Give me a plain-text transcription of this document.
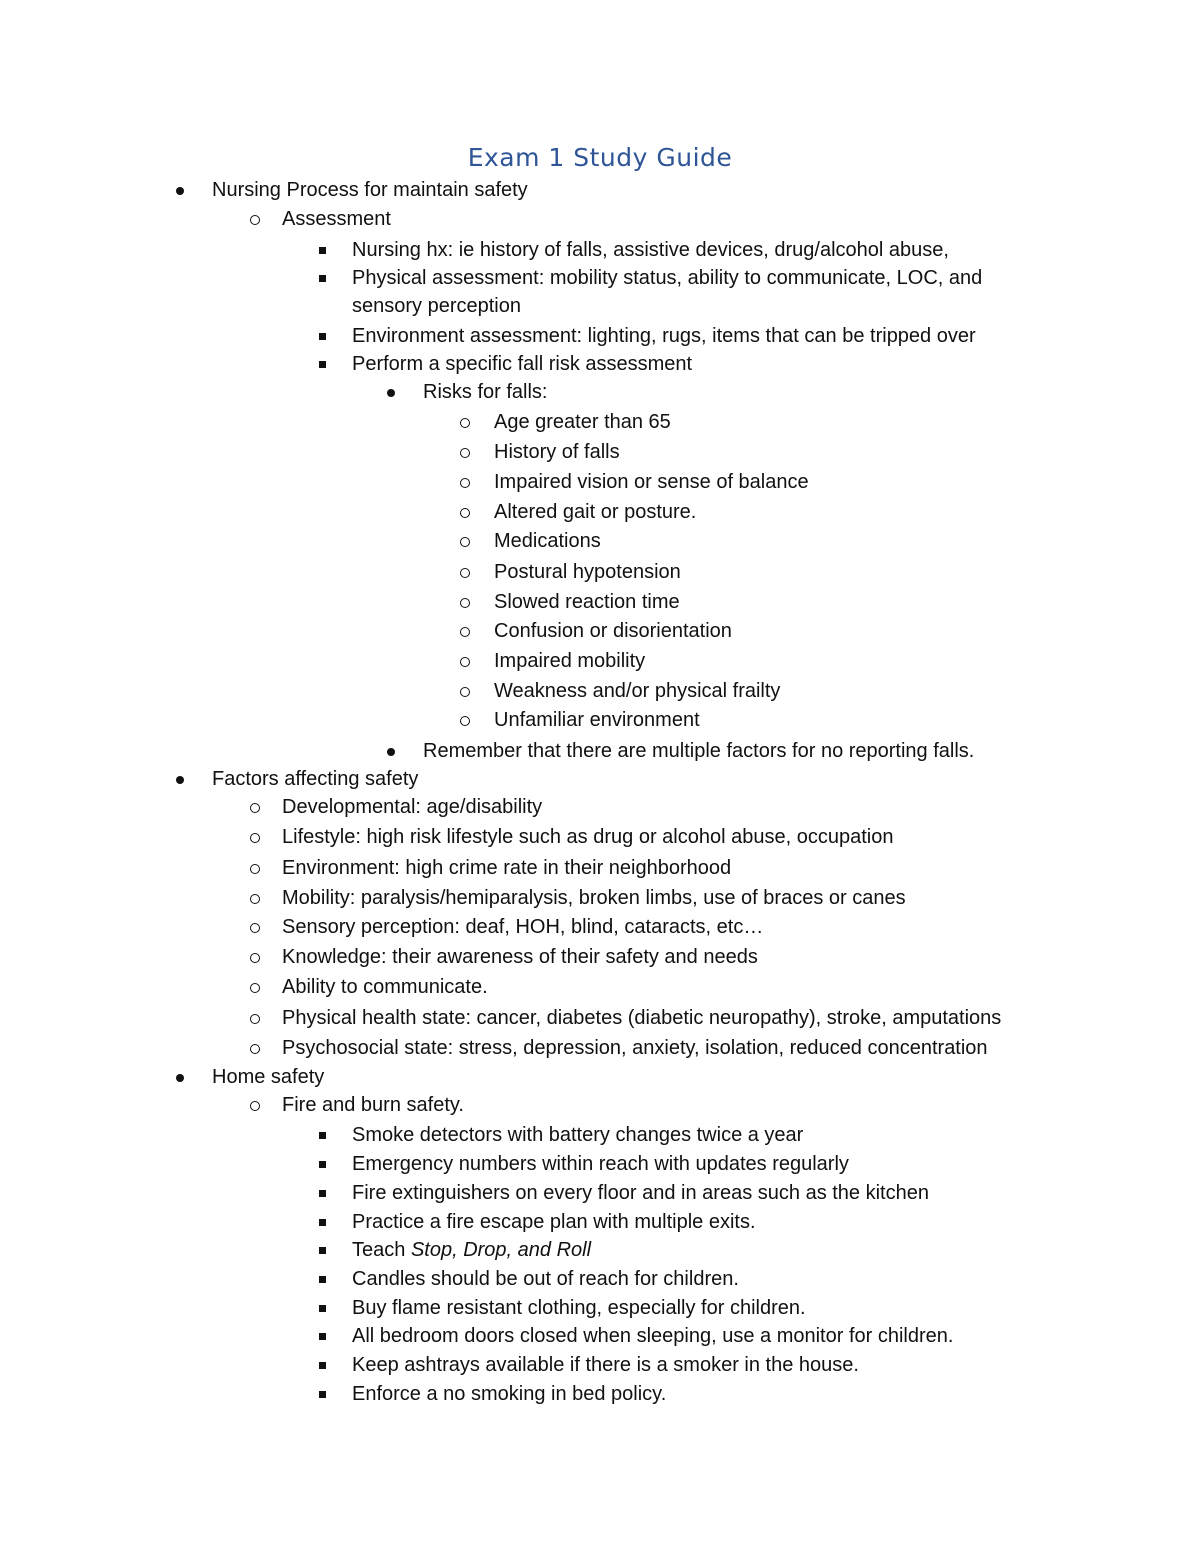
Exam 1 Study Guide
Nursing Process for maintain safety
Assessment
Nursing hx: ie history of falls, assistive devices, drug/alcohol abuse,
Physical assessment: mobility status, ability to communicate, LOC, and
sensory perception
Environment assessment: lighting, rugs, items that can be tripped over
Perform a specific fall risk assessment
Risks for falls:
Age greater than 65
History of falls
Impaired vision or sense of balance
Altered gait or posture.
Medications
Postural hypotension
Slowed reaction time
Confusion or disorientation
Impaired mobility
Weakness and/or physical frailty
Unfamiliar environment
Remember that there are multiple factors for no reporting falls.
Factors affecting safety
Developmental: age/disability
Lifestyle: high risk lifestyle such as drug or alcohol abuse, occupation
Environment: high crime rate in their neighborhood
Mobility: paralysis/hemiparalysis, broken limbs, use of braces or canes
Sensory perception: deaf, HOH, blind, cataracts, etc…
Knowledge: their awareness of their safety and needs
Ability to communicate.
Physical health state: cancer, diabetes (diabetic neuropathy), stroke, amputations
Psychosocial state: stress, depression, anxiety, isolation, reduced concentration
Home safety
Fire and burn safety.
Smoke detectors with battery changes twice a year
Emergency numbers within reach with updates regularly
Fire extinguishers on every floor and in areas such as the kitchen
Practice a fire escape plan with multiple exits.
Teach Stop, Drop, and Roll
Candles should be out of reach for children.
Buy flame resistant clothing, especially for children.
All bedroom doors closed when sleeping, use a monitor for children.
Keep ashtrays available if there is a smoker in the house.
Enforce a no smoking in bed policy.
